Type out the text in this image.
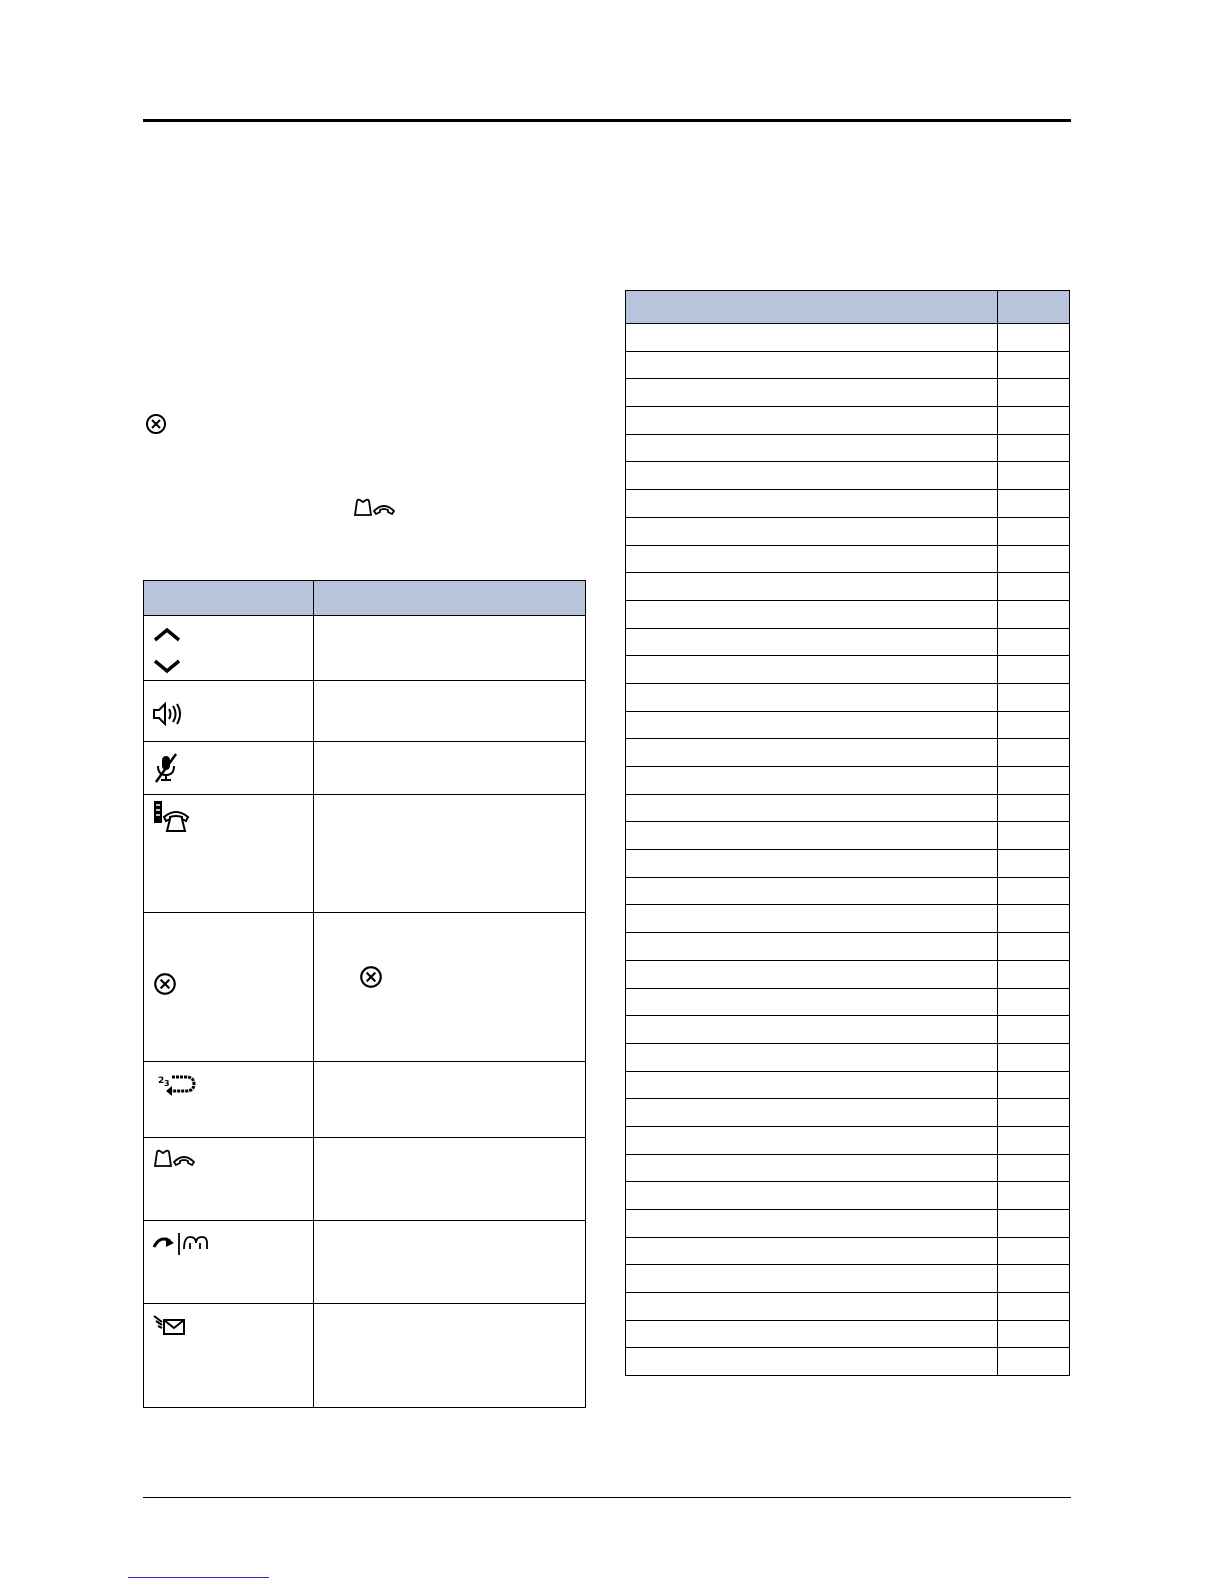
2 3	
